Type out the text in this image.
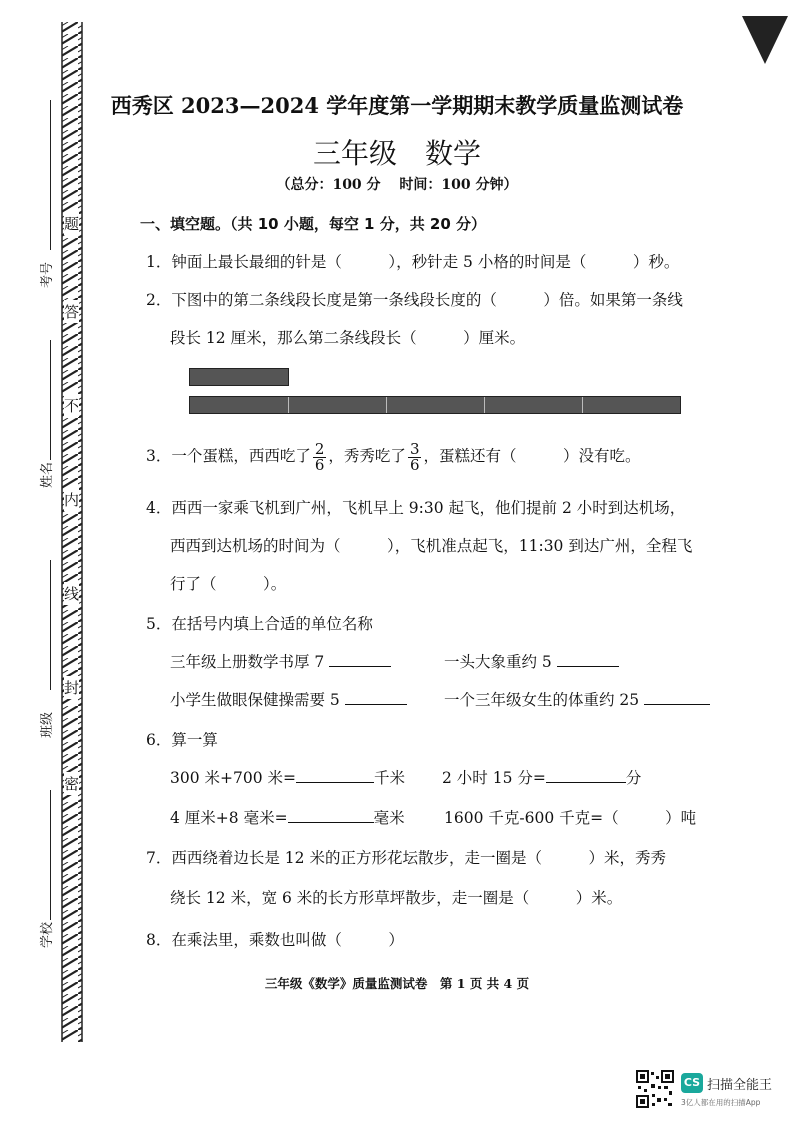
题
答
不
内
线
封
密
考号
姓名
班级
学校
西秀区 2023—2024 学年度第一学期期末教学质量监测试卷
三年级　数学
（总分：100 分　 时间：100 分钟）
一、填空题。（共 10 小题，每空 1 分，共 20 分）
1．钟面上最长最细的针是（　　　），秒针走 5 小格的时间是（　　　）秒。
2．下图中的第二条线段长度是第一条线段长度的（　　　）倍。如果第一条线
段长 12 厘米，那么第二条线段长（　　　）厘米。
3．一个蛋糕，西西吃了 $\frac{2}{6}$ ，秀秀吃了 $\frac{3}{6}$ ，蛋糕还有（　　　）没有吃。
4．西西一家乘飞机到广州，飞机早上 9:30 起飞，他们提前 2 小时到达机场，
西西到达机场的时间为（　　　），飞机准点起飞，11:30 到达广州，全程飞
行了（　　　）。
5．在括号内填上合适的单位名称
三年级上册数学书厚 7	一头大象重约 5
小学生做眼保健操需要 5	一个三年级女生的体重约 25
6．算一算
300 米+700 米=	千米 2 小时 15 分=	分
4 厘米+8 毫米=	毫米	1600 千克-600 千克=（　　　）吨
7．西西绕着边长是 12 米的正方形花坛散步，走一圈是（　　　）米，秀秀
绕长 12 米，宽 6 米的长方形草坪散步，走一圈是（　　　）米。
8．在乘法里，乘数也叫做（　　　）
三年级《数学》质量监测试卷　第 1 页 共 4 页
CS 扫描全能王
3亿人都在用的扫描App
